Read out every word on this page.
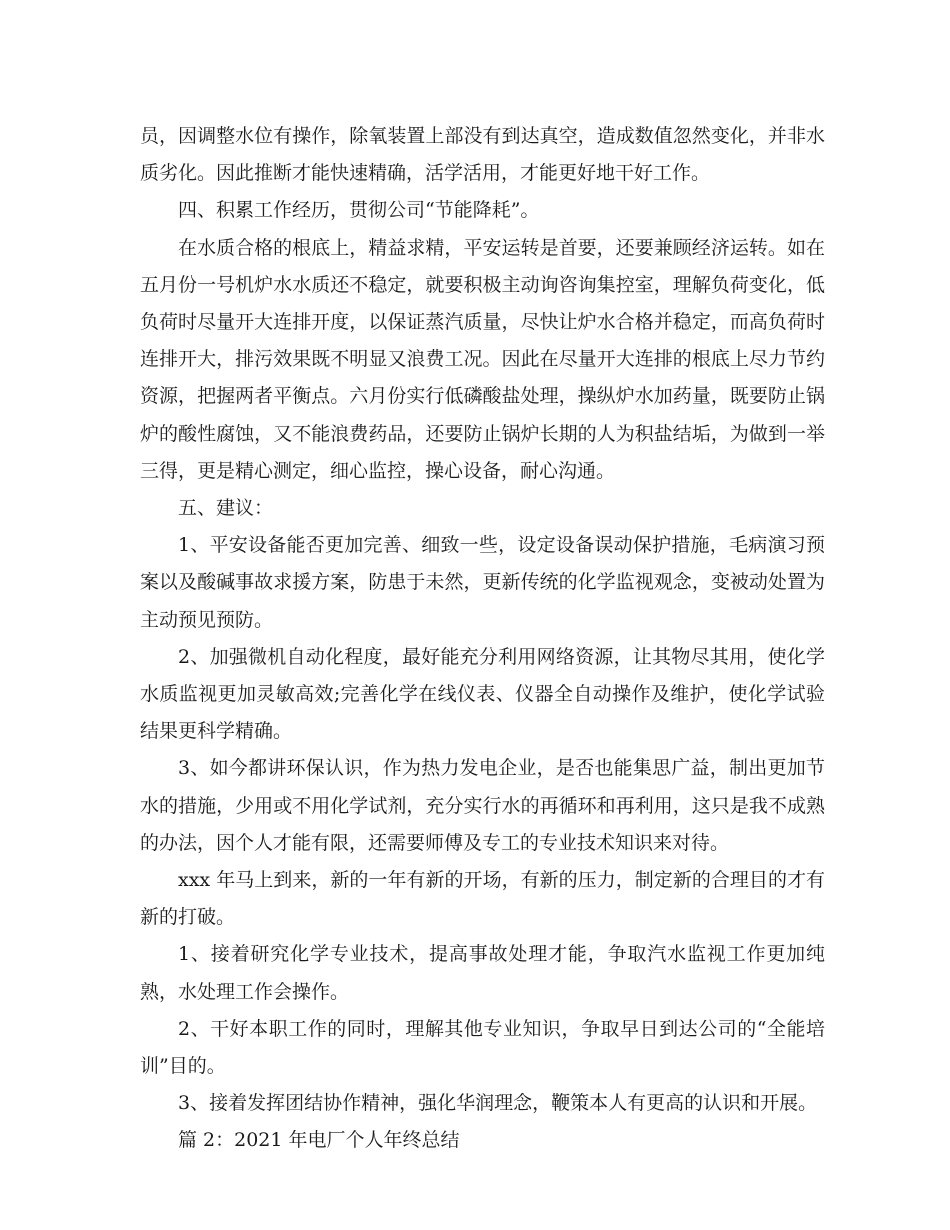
员，因调整水位有操作，除氧装置上部没有到达真空，造成数值忽然变化，并非水质劣化。因此推断才能快速精确，活学活用，才能更好地干好工作。

四、积累工作经历，贯彻公司“节能降耗”。

在水质合格的根底上，精益求精，平安运转是首要，还要兼顾经济运转。如在五月份一号机炉水水质还不稳定，就要积极主动询咨询集控室，理解负荷变化，低负荷时尽量开大连排开度，以保证蒸汽质量，尽快让炉水合格并稳定，而高负荷时连排开大，排污效果既不明显又浪费工况。因此在尽量开大连排的根底上尽力节约资源，把握两者平衡点。六月份实行低磷酸盐处理，操纵炉水加药量，既要防止锅炉的酸性腐蚀，又不能浪费药品，还要防止锅炉长期的人为积盐结垢，为做到一举三得，更是精心测定，细心监控，操心设备，耐心沟通。

五、建议：

1、平安设备能否更加完善、细致一些，设定设备误动保护措施，毛病演习预案以及酸碱事故求援方案，防患于未然，更新传统的化学监视观念，变被动处置为主动预见预防。

2、加强微机自动化程度，最好能充分利用网络资源，让其物尽其用，使化学水质监视更加灵敏高效;完善化学在线仪表、仪器全自动操作及维护，使化学试验结果更科学精确。

3、如今都讲环保认识，作为热力发电企业，是否也能集思广益，制出更加节水的措施，少用或不用化学试剂，充分实行水的再循环和再利用，这只是我不成熟的办法，因个人才能有限，还需要师傅及专工的专业技术知识来对待。

xxx 年马上到来，新的一年有新的开场，有新的压力，制定新的合理目的才有新的打破。

1、接着研究化学专业技术，提高事故处理才能，争取汽水监视工作更加纯熟，水处理工作会操作。

2、干好本职工作的同时，理解其他专业知识，争取早日到达公司的“全能培训”目的。

3、接着发挥团结协作精神，强化华润理念，鞭策本人有更高的认识和开展。

篇 2：2021 年电厂个人年终总结
